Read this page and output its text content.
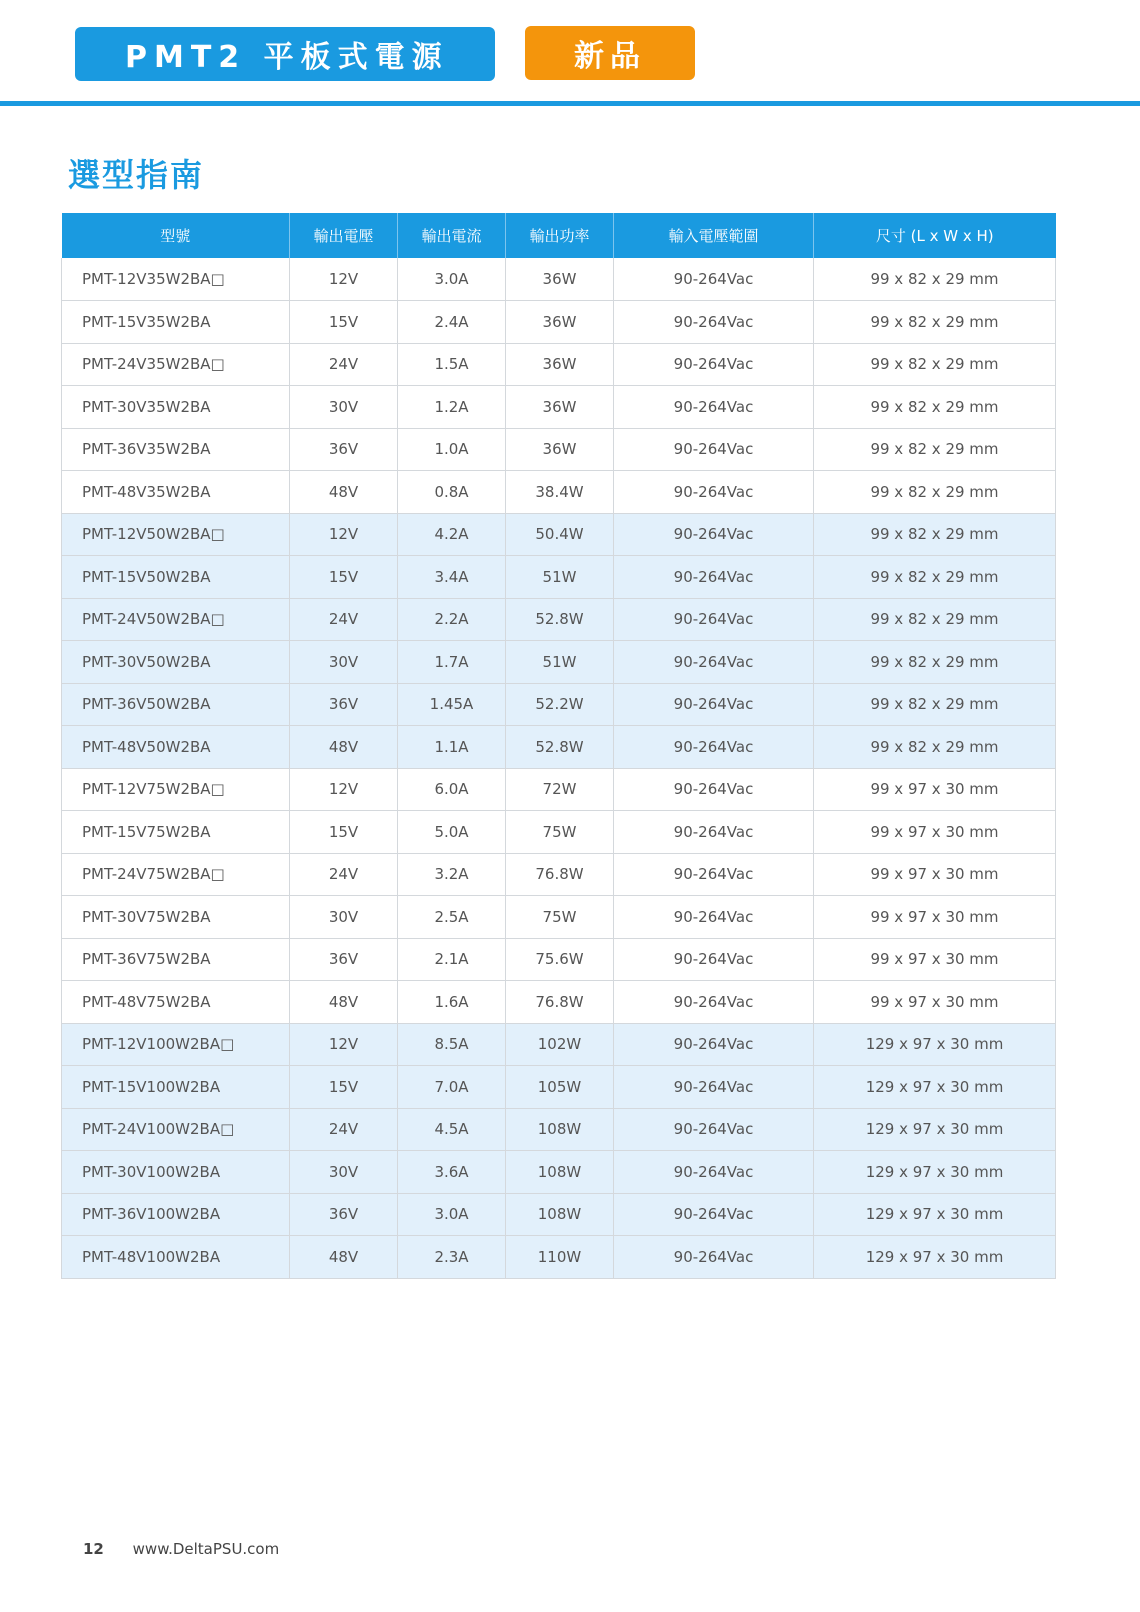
PMT2 平板式電源	新品
選型指南
型號	輸出電壓	輸出電流	輸出功率	輸入電壓範圍	尺寸 (L x W x H)
PMT-12V35W2BA□	12V	3.0A	36W	90-264Vac	99 x 82 x 29 mm
PMT-15V35W2BA	15V	2.4A	36W	90-264Vac	99 x 82 x 29 mm
PMT-24V35W2BA□	24V	1.5A	36W	90-264Vac	99 x 82 x 29 mm
PMT-30V35W2BA	30V	1.2A	36W	90-264Vac	99 x 82 x 29 mm
PMT-36V35W2BA	36V	1.0A	36W	90-264Vac	99 x 82 x 29 mm
PMT-48V35W2BA	48V	0.8A	38.4W	90-264Vac	99 x 82 x 29 mm
PMT-12V50W2BA□	12V	4.2A	50.4W	90-264Vac	99 x 82 x 29 mm
PMT-15V50W2BA	15V	3.4A	51W	90-264Vac	99 x 82 x 29 mm
PMT-24V50W2BA□	24V	2.2A	52.8W	90-264Vac	99 x 82 x 29 mm
PMT-30V50W2BA	30V	1.7A	51W	90-264Vac	99 x 82 x 29 mm
PMT-36V50W2BA	36V	1.45A	52.2W	90-264Vac	99 x 82 x 29 mm
PMT-48V50W2BA	48V	1.1A	52.8W	90-264Vac	99 x 82 x 29 mm
PMT-12V75W2BA□	12V	6.0A	72W	90-264Vac	99 x 97 x 30 mm
PMT-15V75W2BA	15V	5.0A	75W	90-264Vac	99 x 97 x 30 mm
PMT-24V75W2BA□	24V	3.2A	76.8W	90-264Vac	99 x 97 x 30 mm
PMT-30V75W2BA	30V	2.5A	75W	90-264Vac	99 x 97 x 30 mm
PMT-36V75W2BA	36V	2.1A	75.6W	90-264Vac	99 x 97 x 30 mm
PMT-48V75W2BA	48V	1.6A	76.8W	90-264Vac	99 x 97 x 30 mm
PMT-12V100W2BA□	12V	8.5A	102W	90-264Vac	129 x 97 x 30 mm
PMT-15V100W2BA	15V	7.0A	105W	90-264Vac	129 x 97 x 30 mm
PMT-24V100W2BA□	24V	4.5A	108W	90-264Vac	129 x 97 x 30 mm
PMT-30V100W2BA	30V	3.6A	108W	90-264Vac	129 x 97 x 30 mm
PMT-36V100W2BA	36V	3.0A	108W	90-264Vac	129 x 97 x 30 mm
PMT-48V100W2BA	48V	2.3A	110W	90-264Vac	129 x 97 x 30 mm
12 www.DeltaPSU.com
